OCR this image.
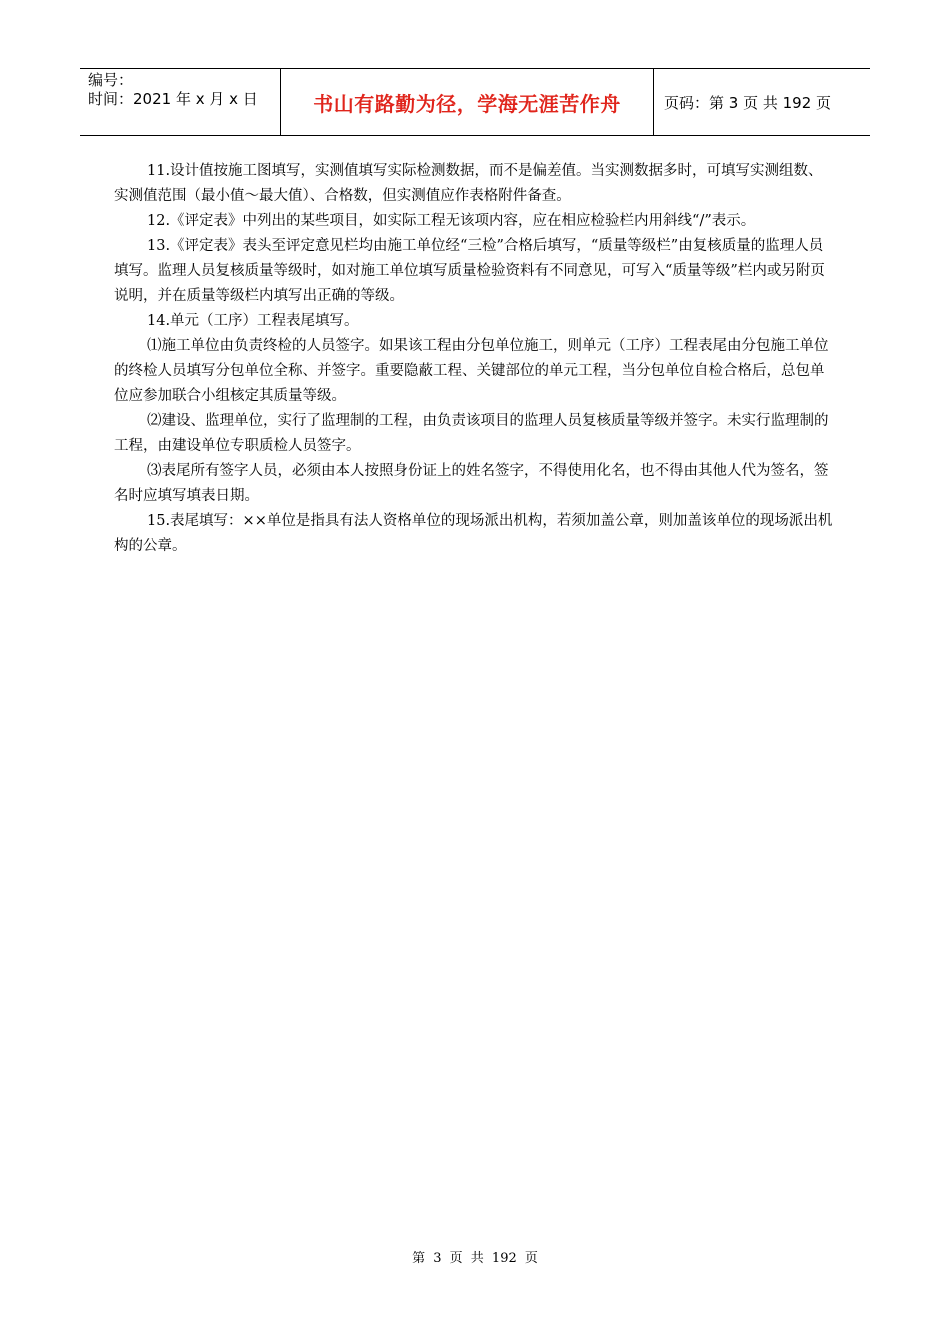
编号：
时间：2021 年 x 月 x 日	书山有路勤为径，学海无涯苦作舟	页码：第 3 页 共 192 页

11.设计值按施工图填写，实测值填写实际检测数据，而不是偏差值。当实测数据多时，可填写实测组数、实测值范围（最小值～最大值）、合格数，但实测值应作表格附件备查。

12.《评定表》中列出的某些项目，如实际工程无该项内容，应在相应检验栏内用斜线“/”表示。

13.《评定表》表头至评定意见栏均由施工单位经“三检”合格后填写，“质量等级栏”由复核质量的监理人员填写。监理人员复核质量等级时，如对施工单位填写质量检验资料有不同意见，可写入“质量等级”栏内或另附页说明，并在质量等级栏内填写出正确的等级。

14.单元（工序）工程表尾填写。

⑴施工单位由负责终检的人员签字。如果该工程由分包单位施工，则单元（工序）工程表尾由分包施工单位的终检人员填写分包单位全称、并签字。重要隐蔽工程、关键部位的单元工程，当分包单位自检合格后，总包单位应参加联合小组核定其质量等级。

⑵建设、监理单位，实行了监理制的工程，由负责该项目的监理人员复核质量等级并签字。未实行监理制的工程，由建设单位专职质检人员签字。

⑶表尾所有签字人员，必须由本人按照身份证上的姓名签字，不得使用化名，也不得由其他人代为签名，签名时应填写填表日期。

15.表尾填写：××单位是指具有法人资格单位的现场派出机构，若须加盖公章，则加盖该单位的现场派出机构的公章。

第 3 页 共 192 页
